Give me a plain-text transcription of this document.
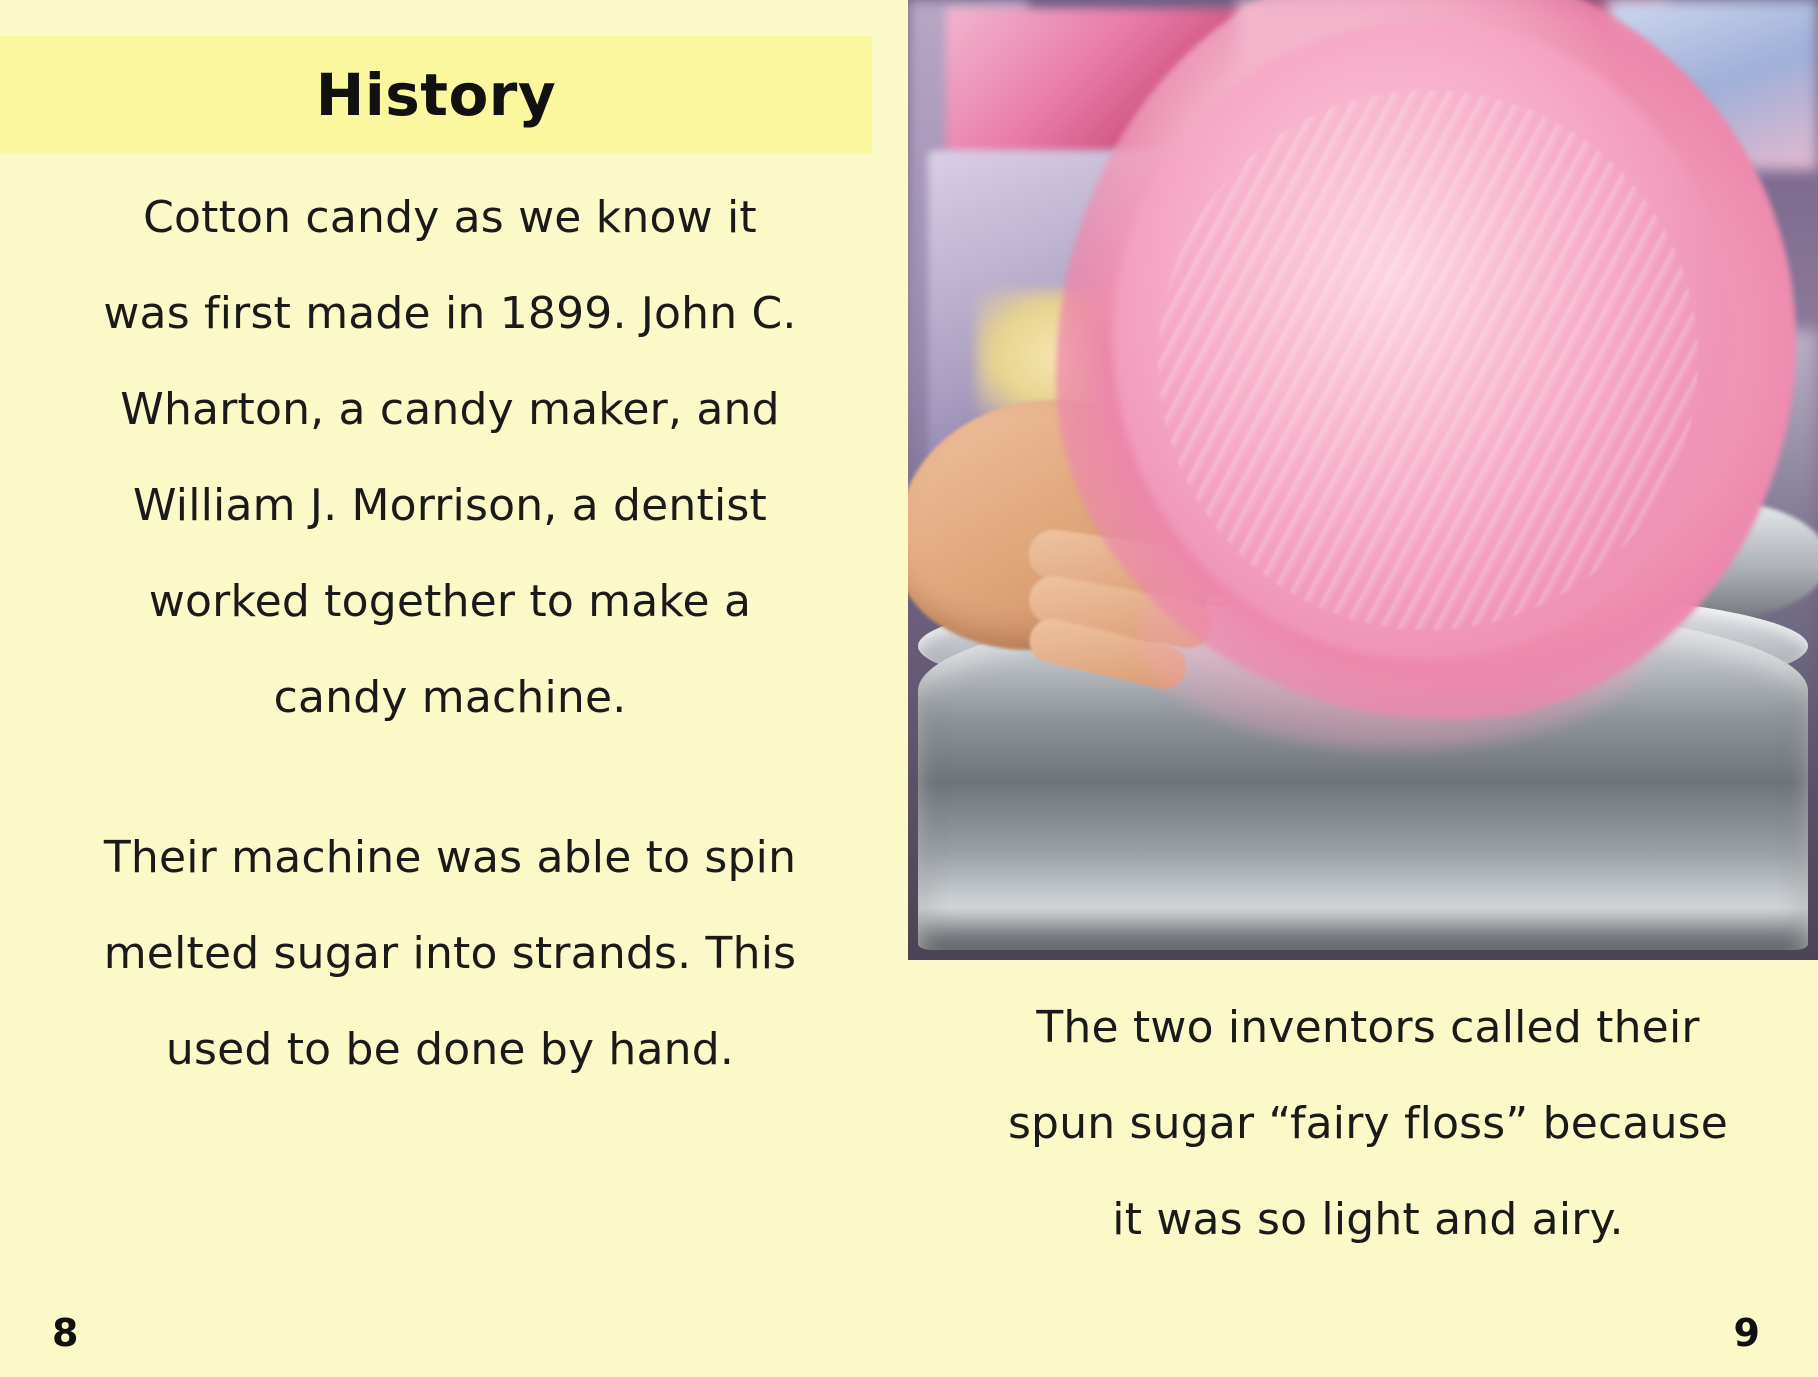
History
Cotton candy as we know it
was first made in 1899. John C.
Wharton, a candy maker, and
William J. Morrison, a dentist
worked together to make a
candy machine.
Their machine was able to spin
melted sugar into strands. This
used to be done by hand.
8
The two inventors called their
spun sugar “fairy floss” because
it was so light and airy.
9
